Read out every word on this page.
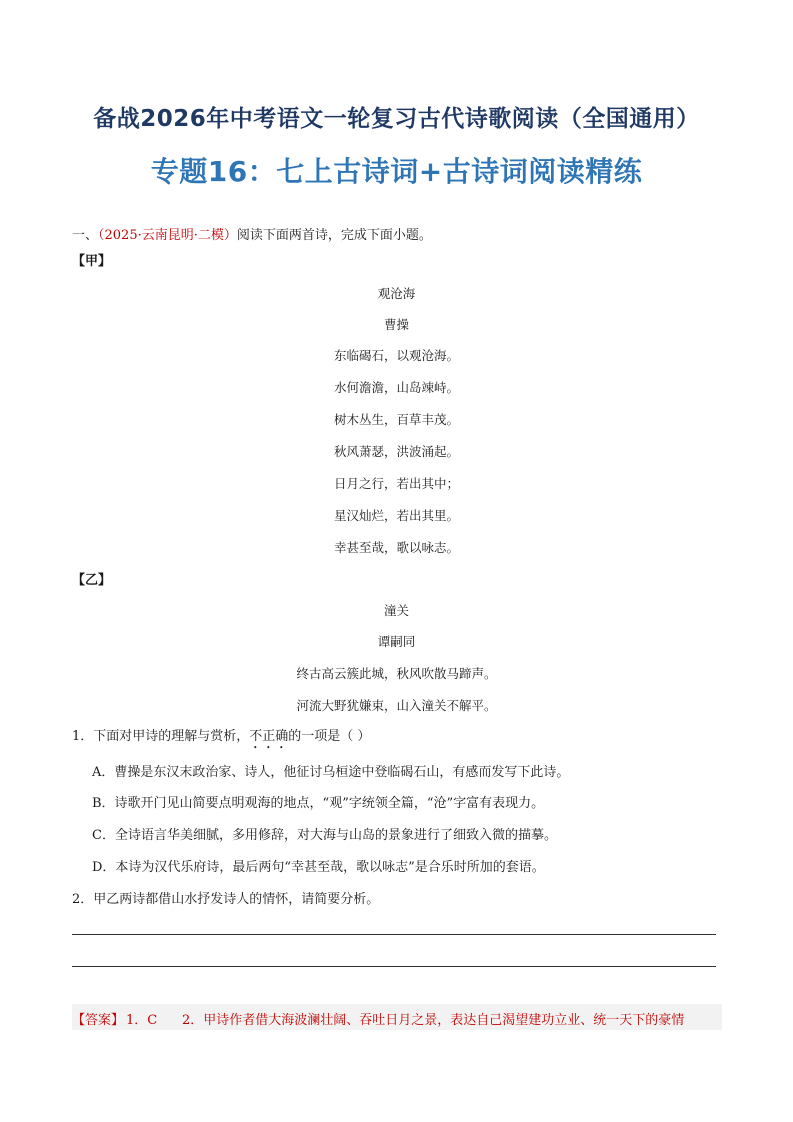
备战2026年中考语文一轮复习古代诗歌阅读（全国通用）
专题16：七上古诗词+古诗词阅读精练
一、（2025·云南昆明·二模）阅读下面两首诗，完成下面小题。
【甲】
观沧海
曹操
东临碣石，以观沧海。
水何澹澹，山岛竦峙。
树木丛生，百草丰茂。
秋风萧瑟，洪波涌起。
日月之行，若出其中；
星汉灿烂，若出其里。
幸甚至哉，歌以咏志。
【乙】
潼关
谭嗣同
终古高云簇此城，秋风吹散马蹄声。
河流大野犹嫌束，山入潼关不解平。
1．下面对甲诗的理解与赏析，不正确的一项是（ ）
A．曹操是东汉末政治家、诗人，他征讨乌桓途中登临碣石山，有感而发写下此诗。
B．诗歌开门见山简要点明观海的地点，“观”字统领全篇，“沧”字富有表现力。
C．全诗语言华美细腻，多用修辞，对大海与山岛的景象进行了细致入微的描摹。
D．本诗为汉代乐府诗，最后两句“幸甚至哉，歌以咏志”是合乐时所加的套语。
2．甲乙两诗都借山水抒发诗人的情怀，请简要分析。
【答案】 1．C 2．甲诗作者借大海波澜壮阔、吞吐日月之景，表达自己渴望建功立业、统一天下的豪情
